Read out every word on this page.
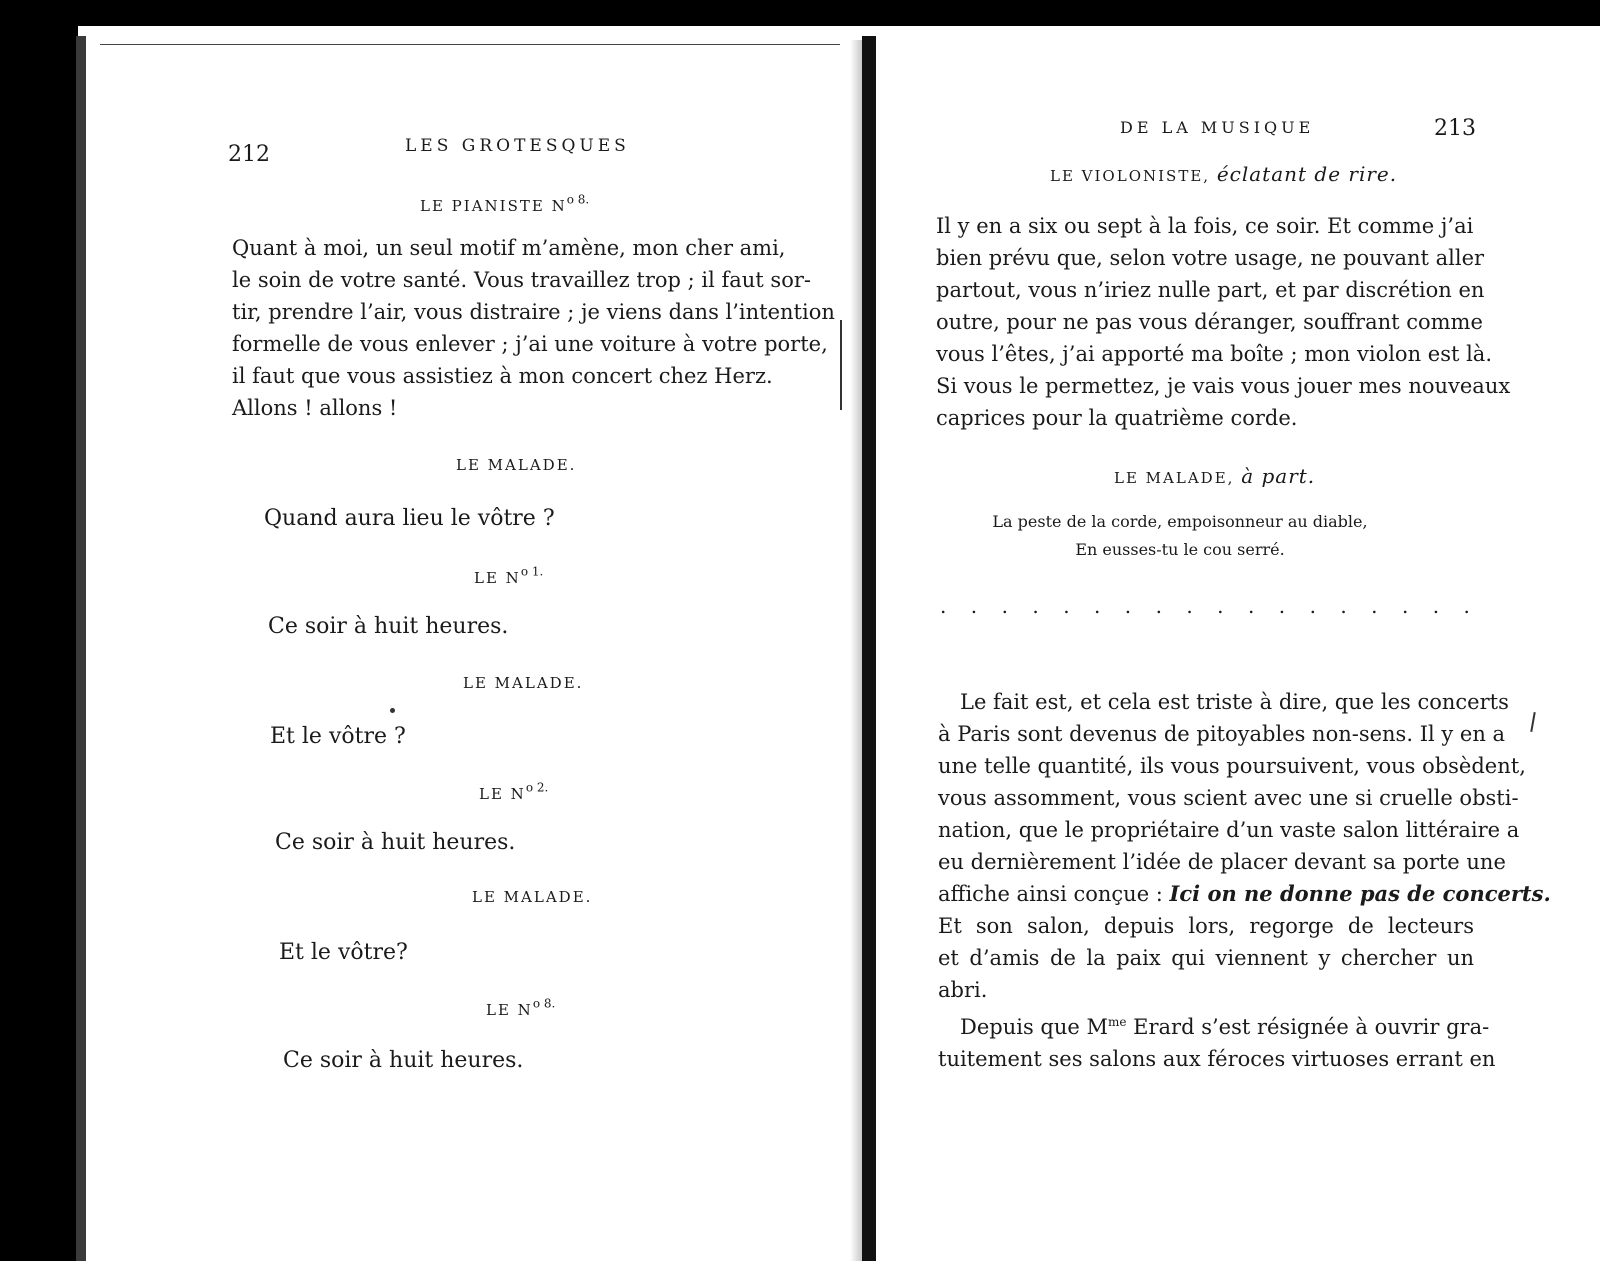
212	LES GROTESQUES
LE PIANISTE $N^{o 8.}$
Quant à moi, un seul motif m’amène, mon cher ami,
le soin de votre santé. Vous travaillez trop ; il faut sor-
tir, prendre l’air, vous distraire ; je viens dans l’intention
formelle de vous enlever ; j’ai une voiture à votre porte,
il faut que vous assistiez à mon concert chez Herz.
Allons ! allons !
LE MALADE.
Quand aura lieu le vôtre ?
LE $N^{o 1.}$
Ce soir à huit heures.
LE MALADE.
Et le vôtre ?
LE $N^{o 2.}$
Ce soir à huit heures.
LE MALADE.
Et le vôtre?
LE $N^{o 8.}$
Ce soir à huit heures.
DE LA MUSIQUE	213
LE VIOLONISTE, éclatant de rire.
Il y en a six ou sept à la fois, ce soir. Et comme j’ai
bien prévu que, selon votre usage, ne pouvant aller
partout, vous n’iriez nulle part, et par discrétion en
outre, pour ne pas vous déranger, souffrant comme
vous l’êtes, j’ai apporté ma boîte ; mon violon est là.
Si vous le permettez, je vais vous jouer mes nouveaux
caprices pour la quatrième corde.
LE MALADE, à part.
La peste de la corde, empoisonneur au diable,
En eusses-tu le cou serré.
. . . . . . . . . . . . . . . . . .
Le fait est, et cela est triste à dire, que les concerts
à Paris sont devenus de pitoyables non-sens. Il y en a
une telle quantité, ils vous poursuivent, vous obsèdent,
vous assomment, vous scient avec une si cruelle obsti-
nation, que le propriétaire d’un vaste salon littéraire a
eu dernièrement l’idée de placer devant sa porte une
affiche ainsi conçue : Ici on ne donne pas de concerts.
Et son salon, depuis lors, regorge de lecteurs
et d’amis de la paix qui viennent y chercher un
abri.
Depuis que $M^{me}$ Erard s’est résignée à ouvrir gra-
tuitement ses salons aux féroces virtuoses errant en
